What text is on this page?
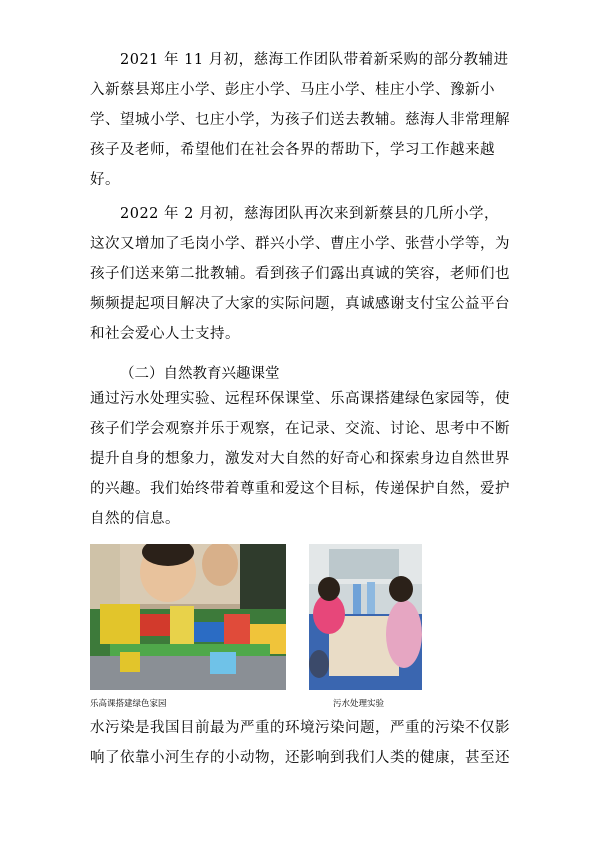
2021 年 11 月初，慈海工作团队带着新采购的部分教辅进入新蔡县郑庄小学、彭庄小学、马庄小学、桂庄小学、豫新小学、望城小学、乜庄小学，为孩子们送去教辅。慈海人非常理解孩子及老师，希望他们在社会各界的帮助下，学习工作越来越好。
2022 年 2 月初，慈海团队再次来到新蔡县的几所小学，这次又增加了毛岗小学、群兴小学、曹庄小学、张营小学等，为孩子们送来第二批教辅。看到孩子们露出真诚的笑容，老师们也频频提起项目解决了大家的实际问题，真诚感谢支付宝公益平台和社会爱心人士支持。
（二）自然教育兴趣课堂
通过污水处理实验、远程环保课堂、乐高课搭建绿色家园等，使孩子们学会观察并乐于观察，在记录、交流、讨论、思考中不断提升自身的想象力，激发对大自然的好奇心和探索身边自然世界的兴趣。我们始终带着尊重和爱这个目标，传递保护自然，爱护自然的信息。
乐高课搭建绿色家园	污水处理实验
水污染是我国目前最为严重的环境污染问题，严重的污染不仅影响了依靠小河生存的小动物，还影响到我们人类的健康，甚至还
